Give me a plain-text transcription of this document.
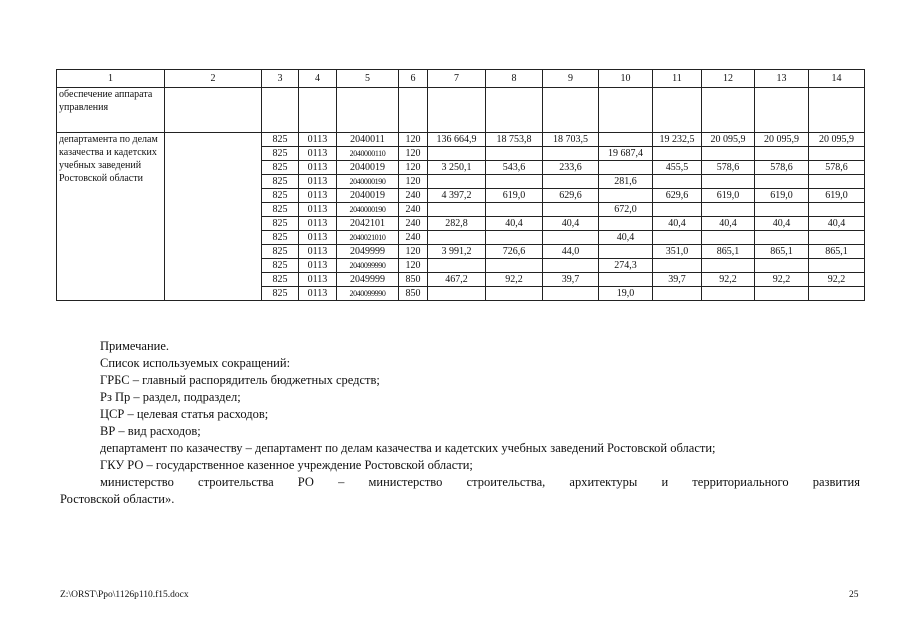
1	2	3	4	5	6	7	8	9	10	11	12	13	14
обеспечение аппарата управления													
департамента по делам казачества и кадетских учебных заведений Ростовской области		825	0113	2040011	120	136 664,9	18 753,8	18 703,5		19 232,5	20 095,9	20 095,9	20 095,9
		825	0113	2040000110	120				19 687,4				
		825	0113	2040019	120	3 250,1	543,6	233,6		455,5	578,6	578,6	578,6
		825	0113	2040000190	120				281,6				
		825	0113	2040019	240	4 397,2	619,0	629,6		629,6	619,0	619,0	619,0
		825	0113	2040000190	240				672,0				
		825	0113	2042101	240	282,8	40,4	40,4		40,4	40,4	40,4	40,4
		825	0113	2040021010	240				40,4				
		825	0113	2049999	120	3 991,2	726,6	44,0		351,0	865,1	865,1	865,1
		825	0113	2040099990	120				274,3				
		825	0113	2049999	850	467,2	92,2	39,7		39,7	92,2	92,2	92,2
		825	0113	2040099990	850				19,0				
Примечание.
Список используемых сокращений:
ГРБС – главный распорядитель бюджетных средств;
Рз Пр – раздел, подраздел;
ЦСР – целевая статья расходов;
ВР – вид расходов;
департамент по казачеству – департамент по делам казачества и кадетских учебных заведений Ростовской области;
ГКУ РО – государственное казенное учреждение Ростовской области;
министерство строительства РО – министерство строительства, архитектуры и территориального развития
Ростовской области».
Z:\ORST\Ppo\1126p110.f15.docx	25
